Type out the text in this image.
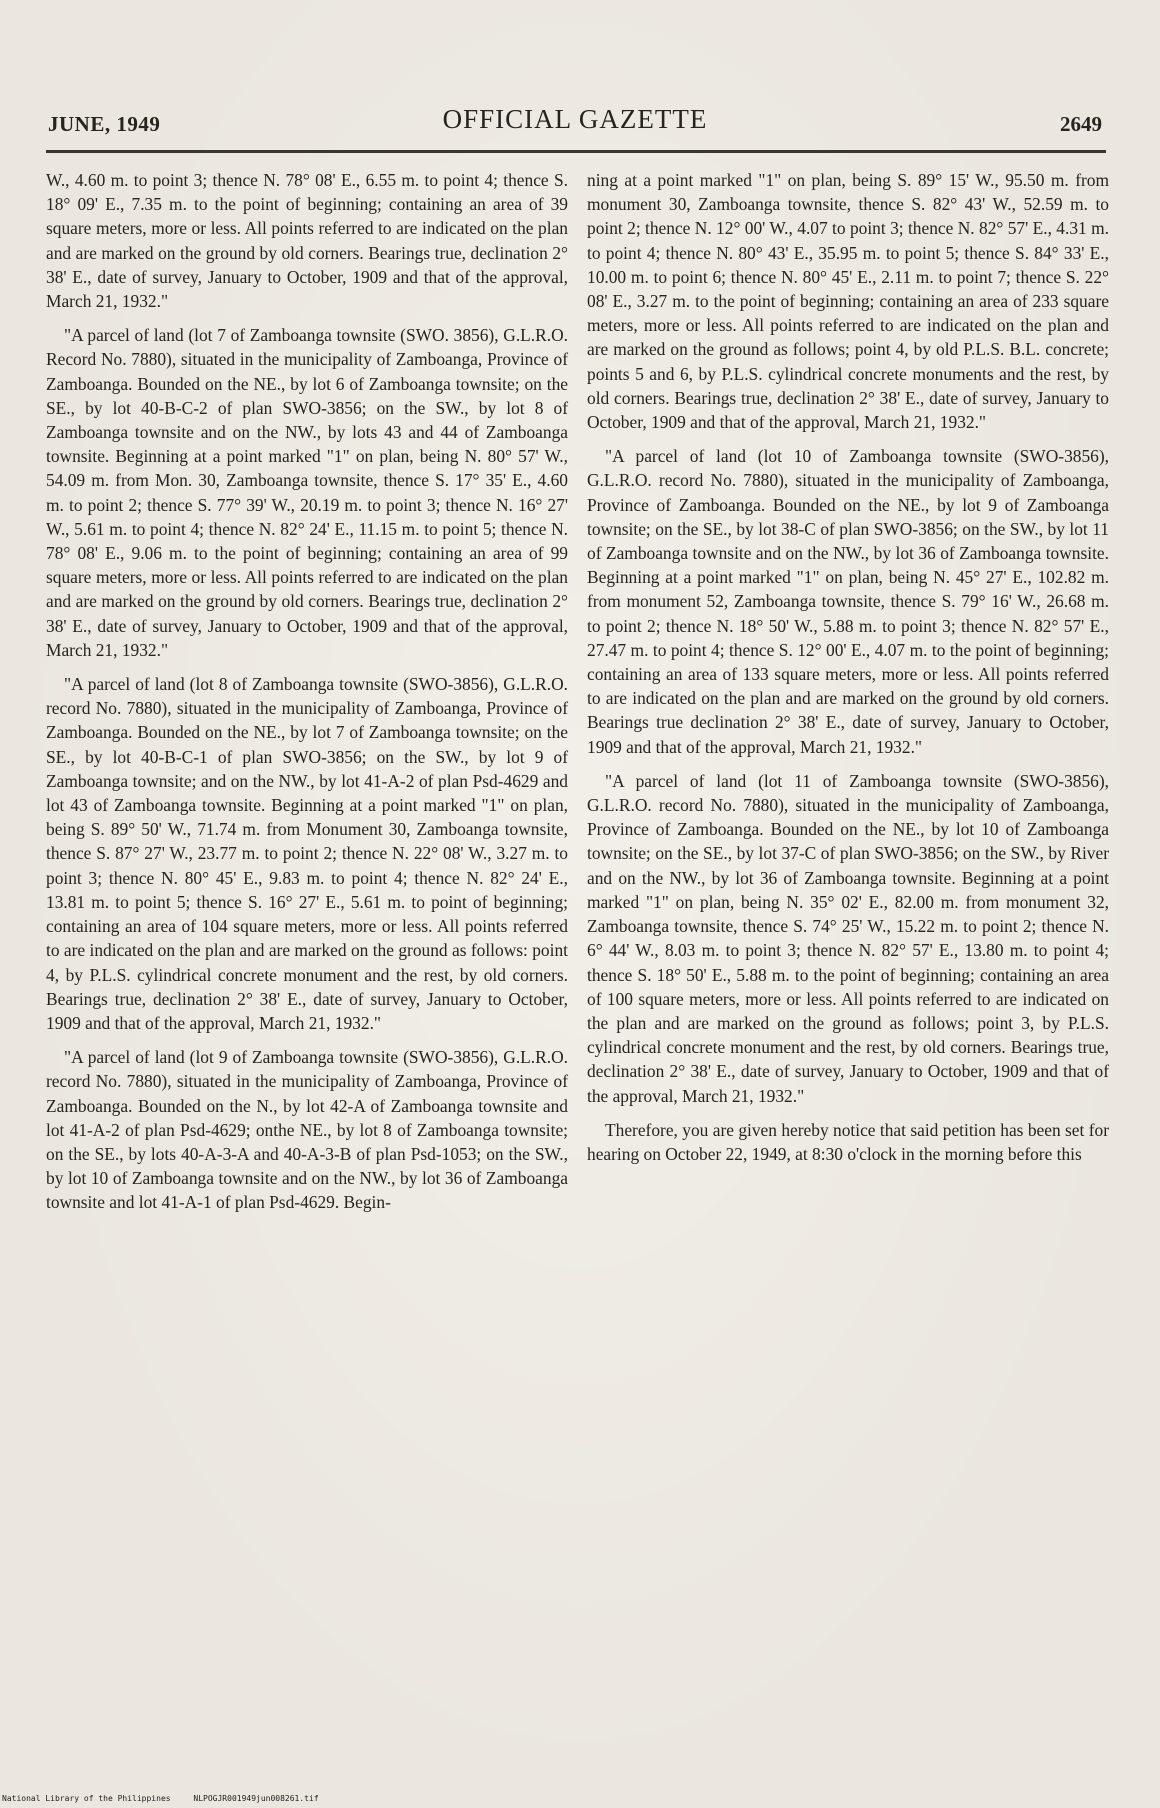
JUNE, 1949	OFFICIAL GAZETTE	2649

W., 4.60 m. to point 3; thence N. 78° 08' E., 6.55 m. to point 4; thence S. 18° 09' E., 7.35 m. to the point of beginning; containing an area of 39 square meters, more or less. All points referred to are indicated on the plan and are marked on the ground by old corners. Bearings true, declination 2° 38' E., date of survey, January to October, 1909 and that of the approval, March 21, 1932."

"A parcel of land (lot 7 of Zamboanga townsite (SWO. 3856), G.L.R.O. Record No. 7880), situated in the municipality of Zamboanga, Province of Zamboanga. Bounded on the NE., by lot 6 of Zamboanga townsite; on the SE., by lot 40-B-C-2 of plan SWO-3856; on the SW., by lot 8 of Zamboanga townsite and on the NW., by lots 43 and 44 of Zamboanga townsite. Beginning at a point marked "1" on plan, being N. 80° 57' W., 54.09 m. from Mon. 30, Zamboanga townsite, thence S. 17° 35' E., 4.60 m. to point 2; thence S. 77° 39' W., 20.19 m. to point 3; thence N. 16° 27' W., 5.61 m. to point 4; thence N. 82° 24' E., 11.15 m. to point 5; thence N. 78° 08' E., 9.06 m. to the point of beginning; containing an area of 99 square meters, more or less. All points referred to are indicated on the plan and are marked on the ground by old corners. Bearings true, declination 2° 38' E., date of survey, January to October, 1909 and that of the approval, March 21, 1932."

"A parcel of land (lot 8 of Zamboanga townsite (SWO-3856), G.L.R.O. record No. 7880), situated in the municipality of Zamboanga, Province of Zamboanga. Bounded on the NE., by lot 7 of Zamboanga townsite; on the SE., by lot 40-B-C-1 of plan SWO-3856; on the SW., by lot 9 of Zamboanga townsite; and on the NW., by lot 41-A-2 of plan Psd-4629 and lot 43 of Zamboanga townsite. Beginning at a point marked "1" on plan, being S. 89° 50' W., 71.74 m. from Monument 30, Zamboanga townsite, thence S. 87° 27' W., 23.77 m. to point 2; thence N. 22° 08' W., 3.27 m. to point 3; thence N. 80° 45' E., 9.83 m. to point 4; thence N. 82° 24' E., 13.81 m. to point 5; thence S. 16° 27' E., 5.61 m. to point of beginning; containing an area of 104 square meters, more or less. All points referred to are indicated on the plan and are marked on the ground as follows: point 4, by P.L.S. cylindrical concrete monument and the rest, by old corners. Bearings true, declination 2° 38' E., date of survey, January to October, 1909 and that of the approval, March 21, 1932."

"A parcel of land (lot 9 of Zamboanga townsite (SWO-3856), G.L.R.O. record No. 7880), situated in the municipality of Zamboanga, Province of Zamboanga. Bounded on the N., by lot 42-A of Zamboanga townsite and lot 41-A-2 of plan Psd-4629; onthe NE., by lot 8 of Zamboanga townsite; on the SE., by lots 40-A-3-A and 40-A-3-B of plan Psd-1053; on the SW., by lot 10 of Zamboanga townsite and on the NW., by lot 36 of Zamboanga townsite and lot 41-A-1 of plan Psd-4629. Begin-

ning at a point marked "1" on plan, being S. 89° 15' W., 95.50 m. from monument 30, Zamboanga townsite, thence S. 82° 43' W., 52.59 m. to point 2; thence N. 12° 00' W., 4.07 to point 3; thence N. 82° 57' E., 4.31 m. to point 4; thence N. 80° 43' E., 35.95 m. to point 5; thence S. 84° 33' E., 10.00 m. to point 6; thence N. 80° 45' E., 2.11 m. to point 7; thence S. 22° 08' E., 3.27 m. to the point of beginning; containing an area of 233 square meters, more or less. All points referred to are indicated on the plan and are marked on the ground as follows; point 4, by old P.L.S. B.L. concrete; points 5 and 6, by P.L.S. cylindrical concrete monuments and the rest, by old corners. Bearings true, declination 2° 38' E., date of survey, January to October, 1909 and that of the approval, March 21, 1932."

"A parcel of land (lot 10 of Zamboanga townsite (SWO-3856), G.L.R.O. record No. 7880), situated in the municipality of Zamboanga, Province of Zamboanga. Bounded on the NE., by lot 9 of Zamboanga townsite; on the SE., by lot 38-C of plan SWO-3856; on the SW., by lot 11 of Zamboanga townsite and on the NW., by lot 36 of Zamboanga townsite. Beginning at a point marked "1" on plan, being N. 45° 27' E., 102.82 m. from monument 52, Zamboanga townsite, thence S. 79° 16' W., 26.68 m. to point 2; thence N. 18° 50' W., 5.88 m. to point 3; thence N. 82° 57' E., 27.47 m. to point 4; thence S. 12° 00' E., 4.07 m. to the point of beginning; containing an area of 133 square meters, more or less. All points referred to are indicated on the plan and are marked on the ground by old corners. Bearings true declination 2° 38' E., date of survey, January to October, 1909 and that of the approval, March 21, 1932."

"A parcel of land (lot 11 of Zamboanga townsite (SWO-3856), G.L.R.O. record No. 7880), situated in the municipality of Zamboanga, Province of Zamboanga. Bounded on the NE., by lot 10 of Zamboanga townsite; on the SE., by lot 37-C of plan SWO-3856; on the SW., by River and on the NW., by lot 36 of Zamboanga townsite. Beginning at a point marked "1" on plan, being N. 35° 02' E., 82.00 m. from monument 32, Zamboanga townsite, thence S. 74° 25' W., 15.22 m. to point 2; thence N. 6° 44' W., 8.03 m. to point 3; thence N. 82° 57' E., 13.80 m. to point 4; thence S. 18° 50' E., 5.88 m. to the point of beginning; containing an area of 100 square meters, more or less. All points referred to are indicated on the plan and are marked on the ground as follows; point 3, by P.L.S. cylindrical concrete monument and the rest, by old corners. Bearings true, declination 2° 38' E., date of survey, January to October, 1909 and that of the approval, March 21, 1932."

Therefore, you are given hereby notice that said petition has been set for hearing on October 22, 1949, at 8:30 o'clock in the morning before this

National Library of the Philippines	NLPOGJR001949jun008261.tif
